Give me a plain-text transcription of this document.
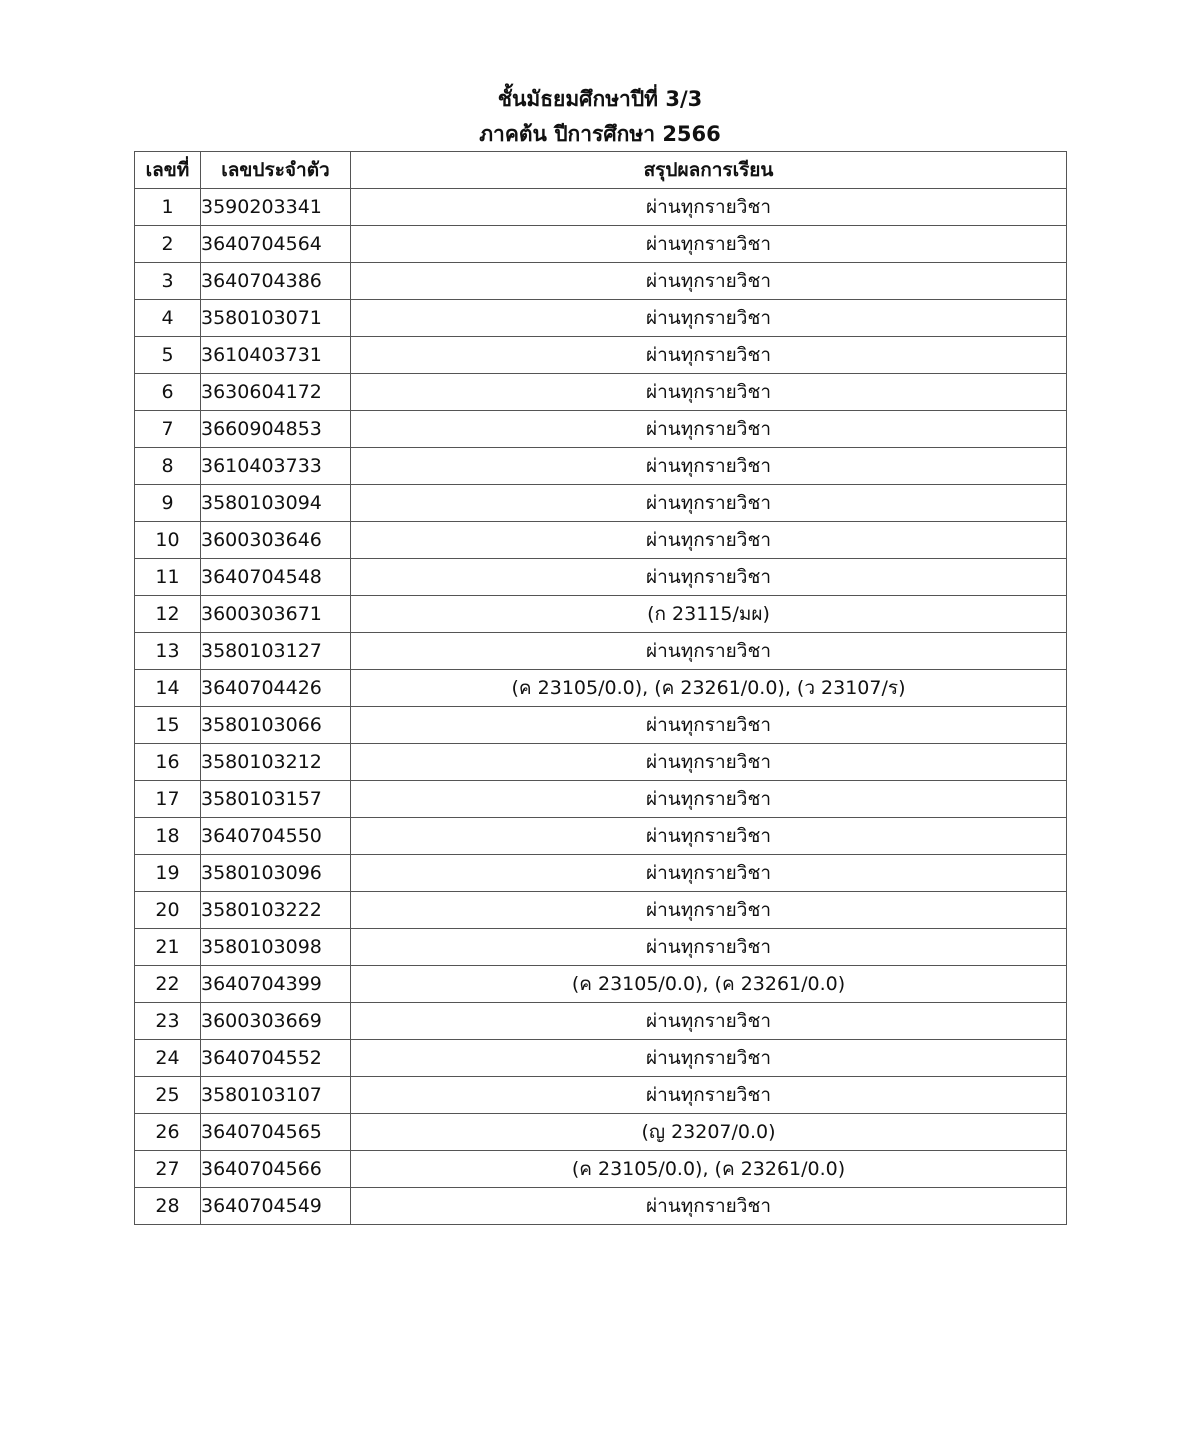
ชั้นมัธยมศึกษาปีที่ 3/3
ภาคต้น ปีการศึกษา 2566
เลขที่	เลขประจำตัว	สรุปผลการเรียน
1	3590203341	ผ่านทุกรายวิชา
2	3640704564	ผ่านทุกรายวิชา
3	3640704386	ผ่านทุกรายวิชา
4	3580103071	ผ่านทุกรายวิชา
5	3610403731	ผ่านทุกรายวิชา
6	3630604172	ผ่านทุกรายวิชา
7	3660904853	ผ่านทุกรายวิชา
8	3610403733	ผ่านทุกรายวิชา
9	3580103094	ผ่านทุกรายวิชา
10	3600303646	ผ่านทุกรายวิชา
11	3640704548	ผ่านทุกรายวิชา
12	3600303671	(ก 23115/มผ)
13	3580103127	ผ่านทุกรายวิชา
14	3640704426	(ค 23105/0.0), (ค 23261/0.0), (ว 23107/ร)
15	3580103066	ผ่านทุกรายวิชา
16	3580103212	ผ่านทุกรายวิชา
17	3580103157	ผ่านทุกรายวิชา
18	3640704550	ผ่านทุกรายวิชา
19	3580103096	ผ่านทุกรายวิชา
20	3580103222	ผ่านทุกรายวิชา
21	3580103098	ผ่านทุกรายวิชา
22	3640704399	(ค 23105/0.0), (ค 23261/0.0)
23	3600303669	ผ่านทุกรายวิชา
24	3640704552	ผ่านทุกรายวิชา
25	3580103107	ผ่านทุกรายวิชา
26	3640704565	(ญ 23207/0.0)
27	3640704566	(ค 23105/0.0), (ค 23261/0.0)
28	3640704549	ผ่านทุกรายวิชา
